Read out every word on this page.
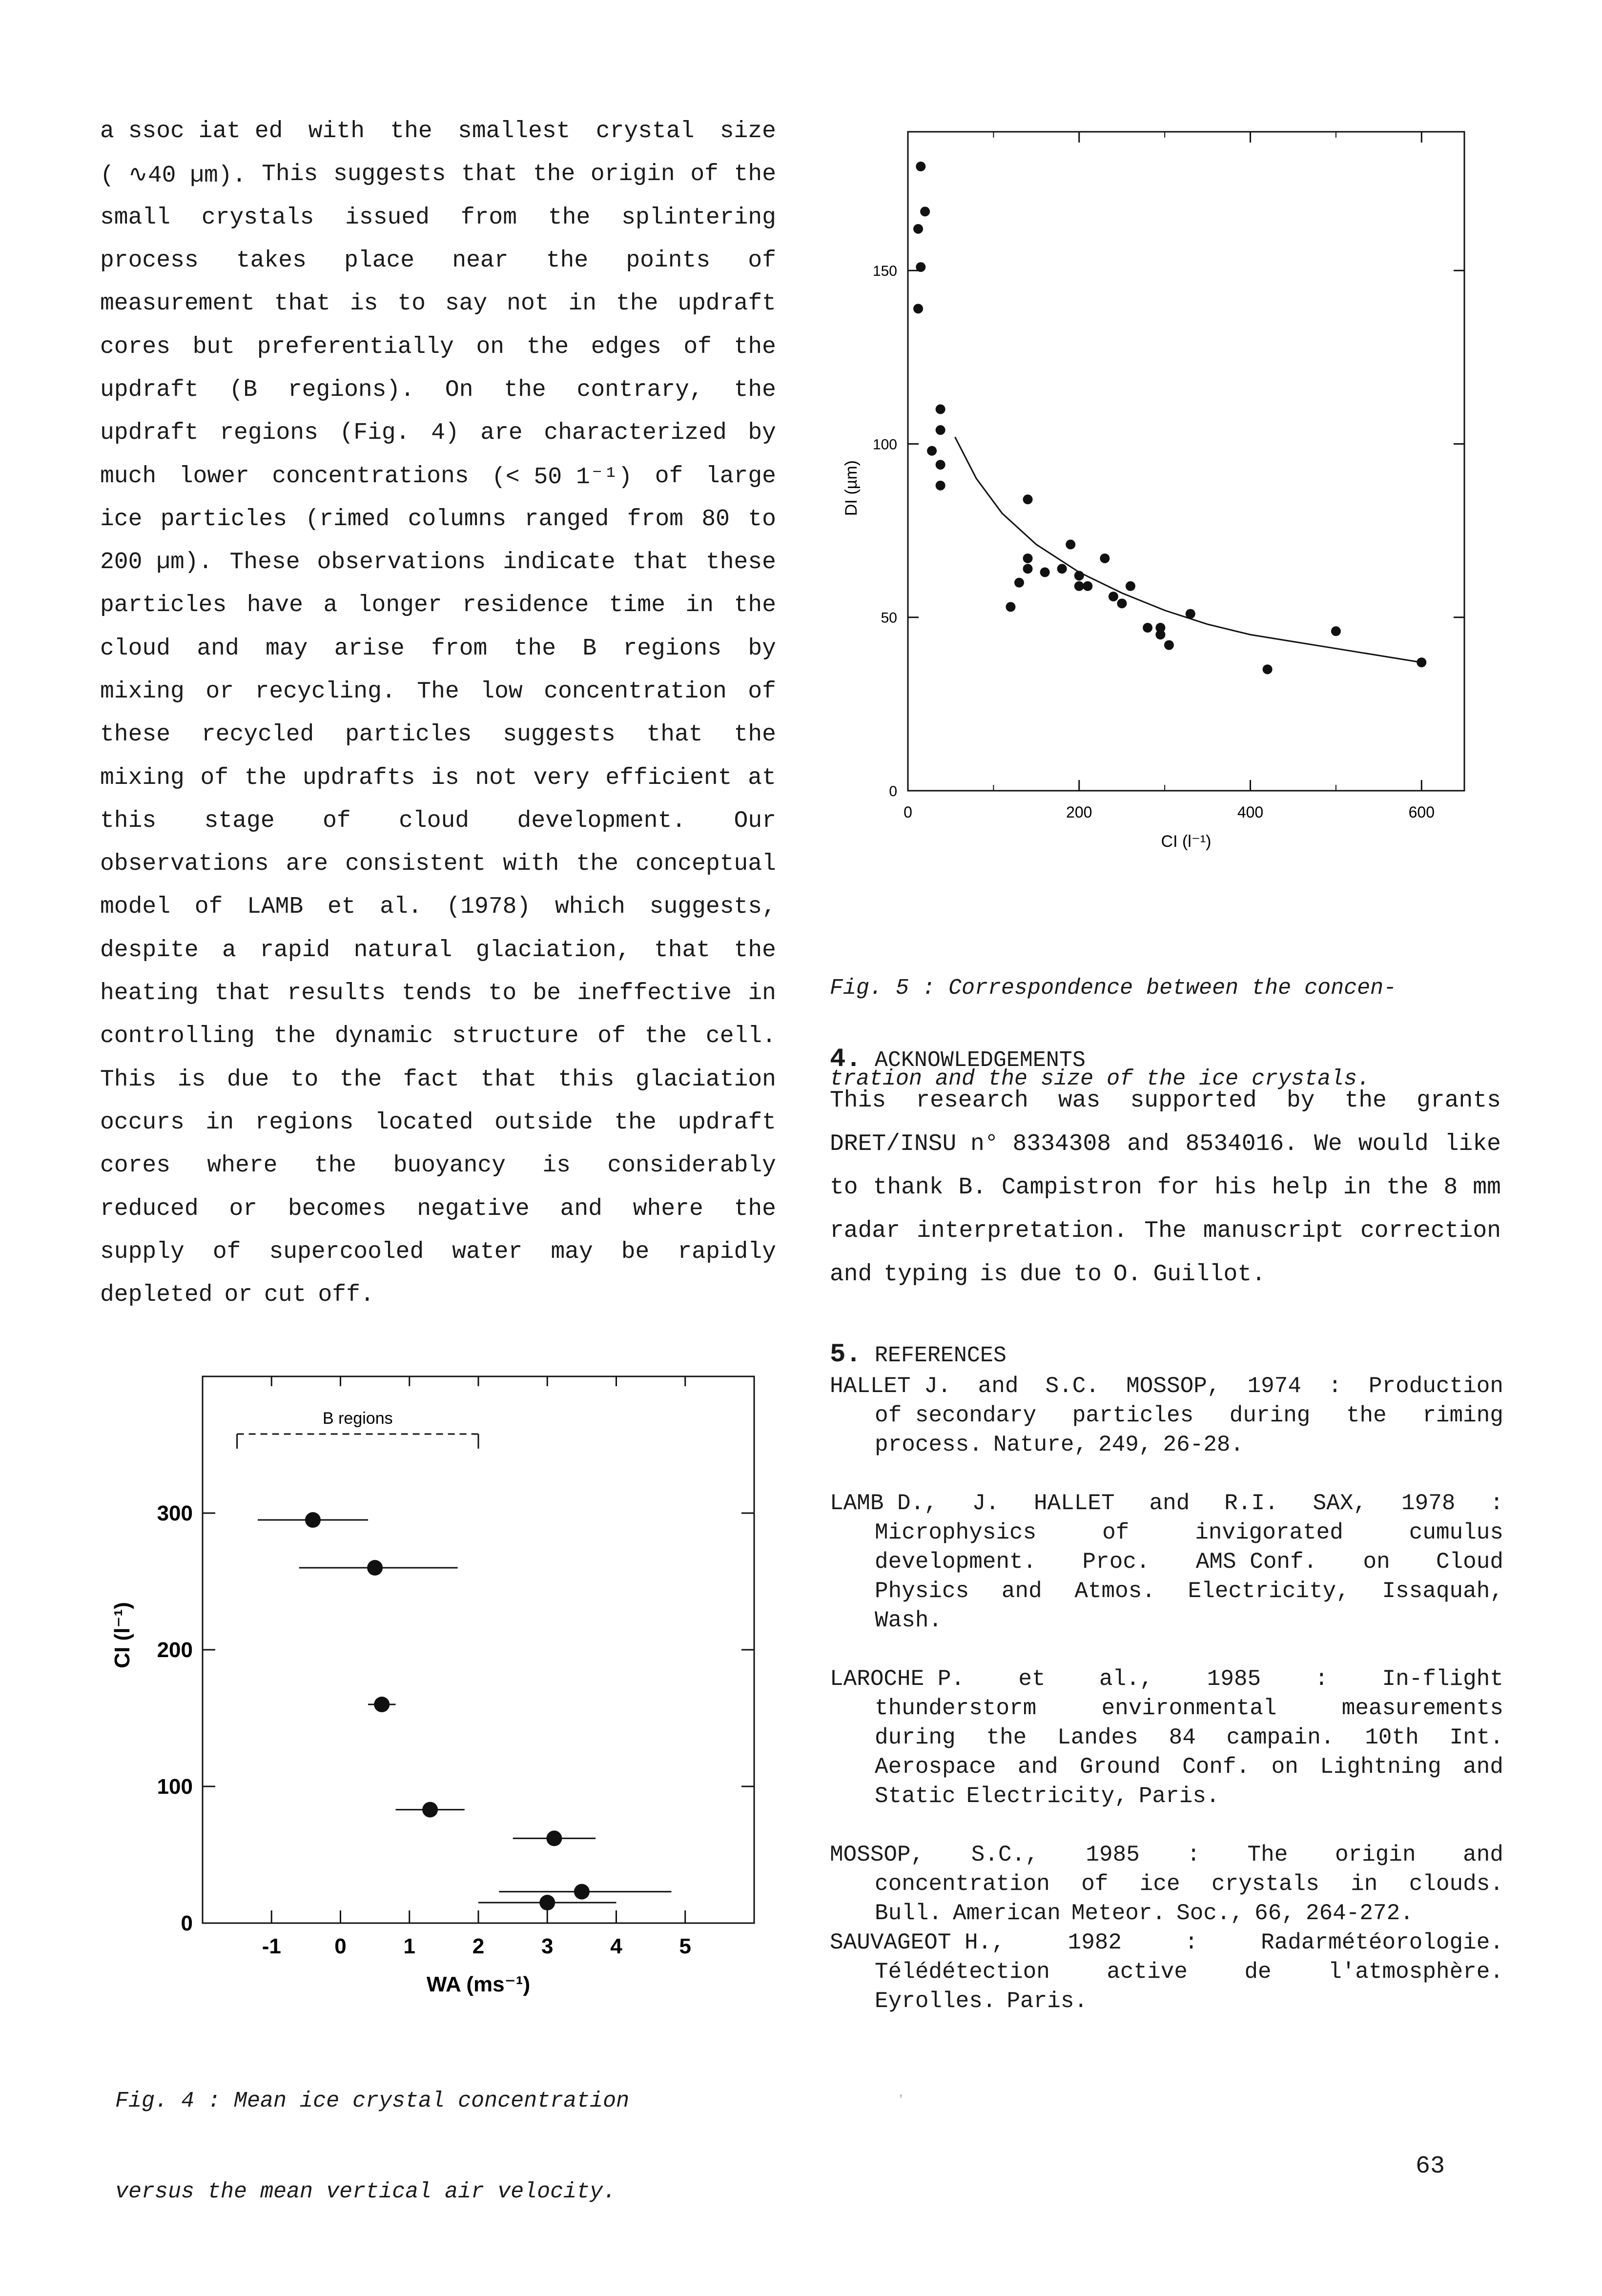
a ssoc iat ed with the smallest crystal size
( ∿40 µm). This suggests that the origin of the
small crystals issued from the splintering
process takes place near the points of
measurement that is to say not in the updraft
cores but preferentially on the edges of the
updraft (B regions). On the contrary, the
updraft regions (Fig. 4) are characterized by
much lower concentrations (< 50 1⁻¹) of large
ice particles (rimed columns ranged from 80 to
200 µm). These observations indicate that these
particles have a longer residence time in the
cloud and may arise from the B regions by
mixing or recycling. The low concentration of
these recycled particles suggests that the
mixing of the updrafts is not very efficient at
this stage of cloud development. Our
observations are consistent with the conceptual
model of LAMB et al. (1978) which suggests,
despite a rapid natural glaciation, that the
heating that results tends to be ineffective in
controlling the dynamic structure of the cell.
This is due to the fact that this glaciation
occurs in regions located outside the updraft
cores where the buoyancy is considerably
reduced or becomes negative and where the
supply of supercooled water may be rapidly
depleted or cut off.
0	200	400	600
0
50
100
150
CI (l⁻¹)
DI (µm)

Fig. 5 : Correspondence between the concen-

tration and the size of the ice crystals.

4. ACKNOWLEDGEMENTS
This research was supported by the grants
DRET/INSU n° 8334308 and 8534016. We would like
to thank B. Campistron for his help in the 8 mm
radar interpretation. The manuscript correction
and typing is due to O. Guillot.
5. REFERENCES
HALLET J. and S.C. MOSSOP, 1974 : Production
of secondary particles during the riming
process. Nature, 249, 26-28.
LAMB D., J. HALLET and R.I. SAX, 1978 :
Microphysics	of	invigorated	cumulus
development. Proc. AMS Conf. on Cloud
Physics and Atmos. Electricity, Issaquah,
Wash.
LAROCHE P. et al., 1985 : In-flight
thunderstorm	environmental	measurements
during the Landes 84 campain. 10th Int.
Aerospace and Ground Conf. on Lightning and
Static Electricity, Paris.
MOSSOP, S.C., 1985 : The origin and
concentration of ice crystals in clouds.
Bull. American Meteor. Soc., 66, 264-272.
SAUVAGEOT H.,	1982	:	Radarmétéorologie.
Télédétection	active	de	l'atmosphère.
Eyrolles. Paris.
-1 0	1	2	3	4	5
0
100
200
300
B regions
WA (ms⁻¹)
CI (l⁻¹)

Fig. 4 : Mean ice crystal concentration

versus the mean vertical air velocity.

'
63
